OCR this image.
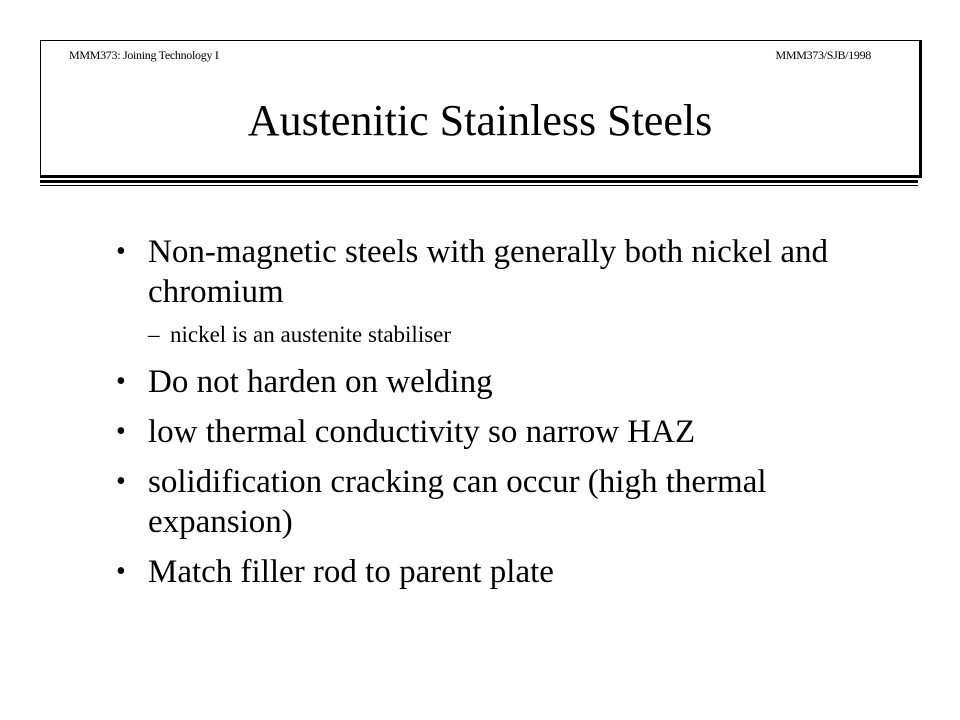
MMM373: Joining Technology I	MMM373/SJB/1998
Austenitic Stainless Steels
• Non-magnetic steels with generally both nickel and chromium
– nickel is an austenite stabiliser
• Do not harden on welding
• low thermal conductivity so narrow HAZ
• solidification cracking can occur (high thermal expansion)
• Match filler rod to parent plate
